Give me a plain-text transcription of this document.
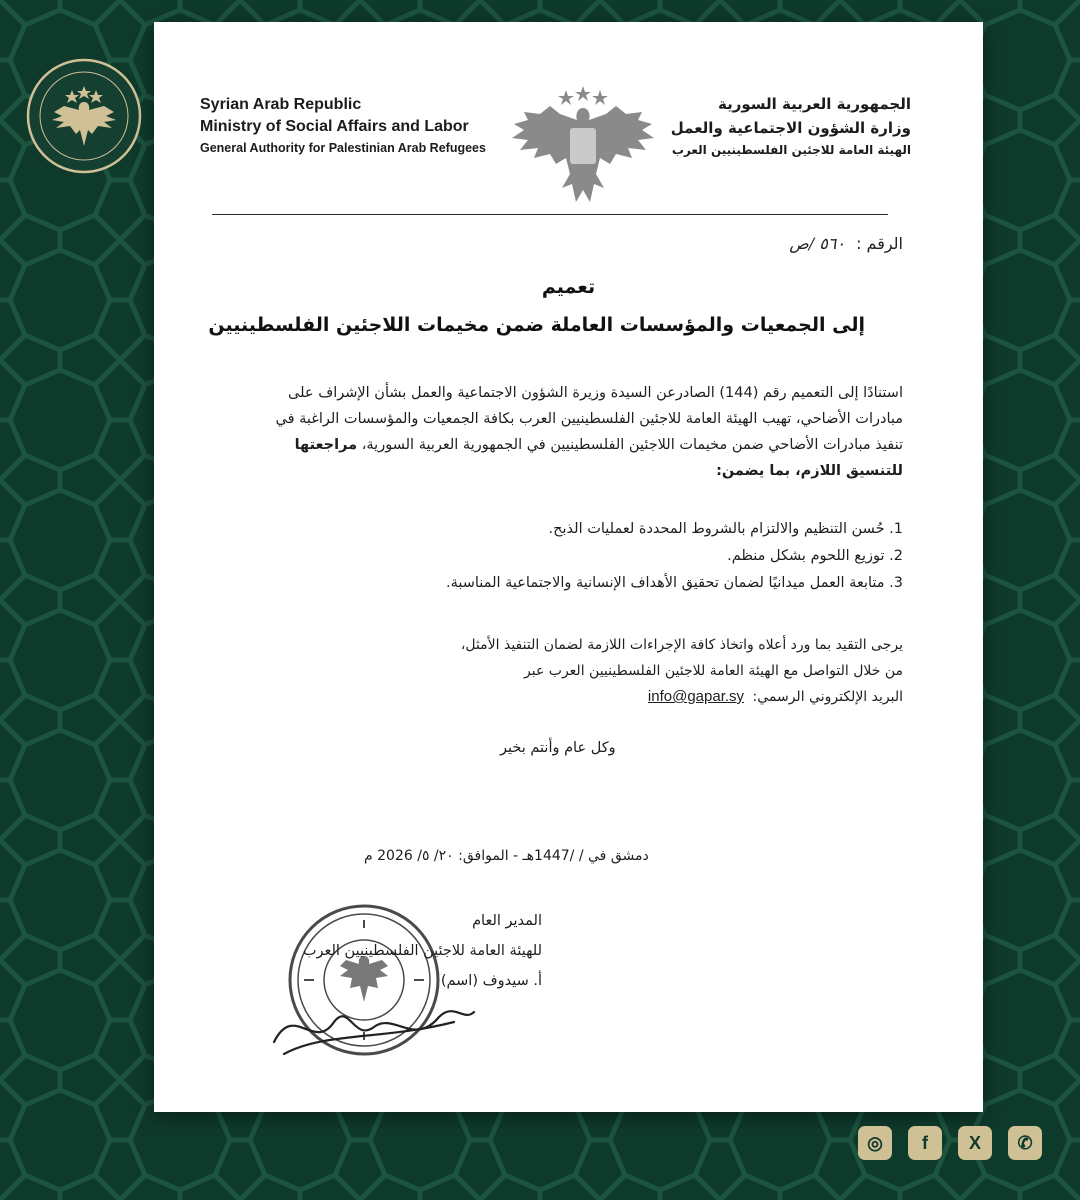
Syrian Arab Republic
Ministry of Social Affairs and Labor
General Authority for Palestinian Arab Refugees
الجمهورية العربية السورية
وزارة الشؤون الاجتماعية والعمل
الهيئة العامة للاجئين الفلسطينيين العرب
الرقم : ٥٦٠ /ص
تعميم
إلى الجمعيات والمؤسسات العاملة ضمن مخيمات اللاجئين الفلسطينيين
استنادًا إلى التعميم رقم (144) الصادرعن السيدة وزيرة الشؤون الاجتماعية والعمل بشأن الإشراف على
مبادرات الأضاحي، تهيب الهيئة العامة للاجئين الفلسطينيين العرب بكافة الجمعيات والمؤسسات الراغبة في
تنفيذ مبادرات الأضاحي ضمن مخيمات اللاجئين الفلسطينيين في الجمهورية العربية السورية، مراجعتها
للتنسيق اللازم، بما يضمن:
1. حُسن التنظيم والالتزام بالشروط المحددة لعمليات الذبح.
2. توزيع اللحوم بشكل منظم.
3. متابعة العمل ميدانيًا لضمان تحقيق الأهداف الإنسانية والاجتماعية المناسبة.
يرجى التقيد بما ورد أعلاه واتخاذ كافة الإجراءات اللازمة لضمان التنفيذ الأمثل،
من خلال التواصل مع الهيئة العامة للاجئين الفلسطينيين العرب عبر
البريد الإلكتروني الرسمي: info@gapar.sy
وكل عام وأنتم بخير
دمشق في / /1447هـ - الموافق: ٢٠/ ٥/ 2026 م
المدير العام
للهيئة العامة للاجئين الفلسطينيين العرب
أ. سيدوف (اسم)
◎	f	X	✆
